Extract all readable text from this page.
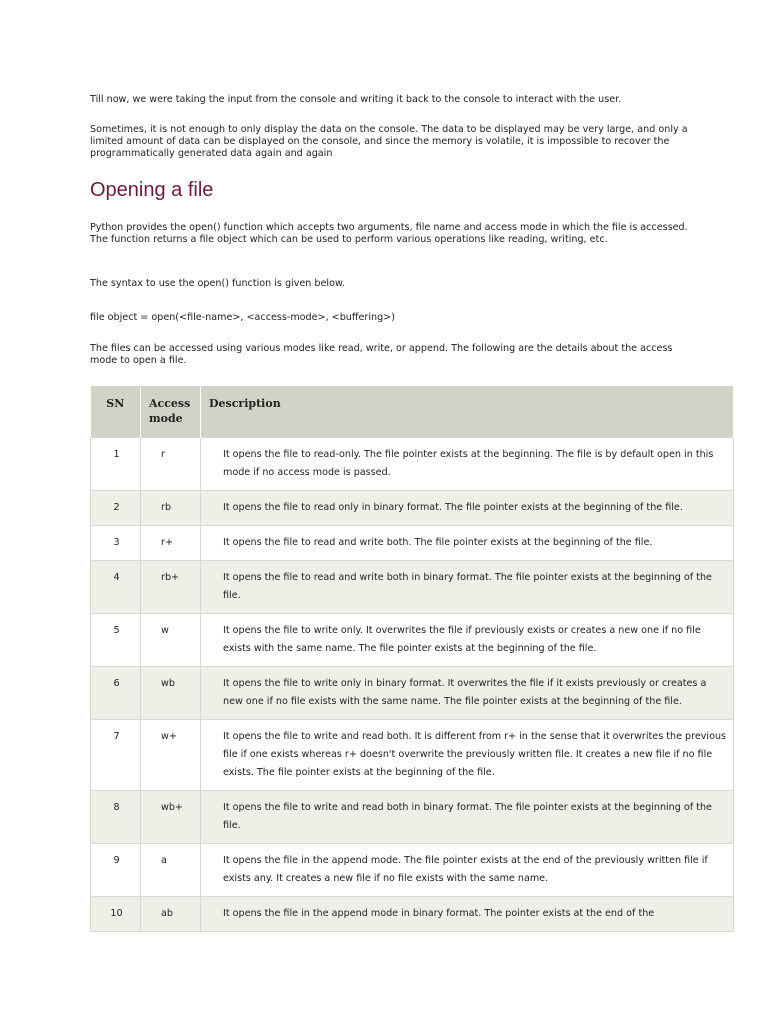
Till now, we were taking the input from the console and writing it back to the console to interact with the user.

Sometimes, it is not enough to only display the data on the console. The data to be displayed may be very large, and only a limited amount of data can be displayed on the console, and since the memory is volatile, it is impossible to recover the programmatically generated data again and again

Opening a file

Python provides the open() function which accepts two arguments, file name and access mode in which the file is accessed. The function returns a file object which can be used to perform various operations like reading, writing, etc.

The syntax to use the open() function is given below.

file object = open(<file-name>, <access-mode>, <buffering>)

The files can be accessed using various modes like read, write, or append. The following are the details about the access mode to open a file.

SN	Access mode	Description
1	r	It opens the file to read-only. The file pointer exists at the beginning. The file is by default open in this mode if no access mode is passed.
2	rb	It opens the file to read only in binary format. The file pointer exists at the beginning of the file.
3	r+	It opens the file to read and write both. The file pointer exists at the beginning of the file.
4	rb+	It opens the file to read and write both in binary format. The file pointer exists at the beginning of the file.
5	w	It opens the file to write only. It overwrites the file if previously exists or creates a new one if no file exists with the same name. The file pointer exists at the beginning of the file.
6	wb	It opens the file to write only in binary format. It overwrites the file if it exists previously or creates a new one if no file exists with the same name. The file pointer exists at the beginning of the file.
7	w+	It opens the file to write and read both. It is different from r+ in the sense that it overwrites the previous file if one exists whereas r+ doesn't overwrite the previously written file. It creates a new file if no file exists. The file pointer exists at the beginning of the file.
8	wb+	It opens the file to write and read both in binary format. The file pointer exists at the beginning of the file.
9	a	It opens the file in the append mode. The file pointer exists at the end of the previously written file if exists any. It creates a new file if no file exists with the same name.
10	ab	It opens the file in the append mode in binary format. The pointer exists at the end of the
